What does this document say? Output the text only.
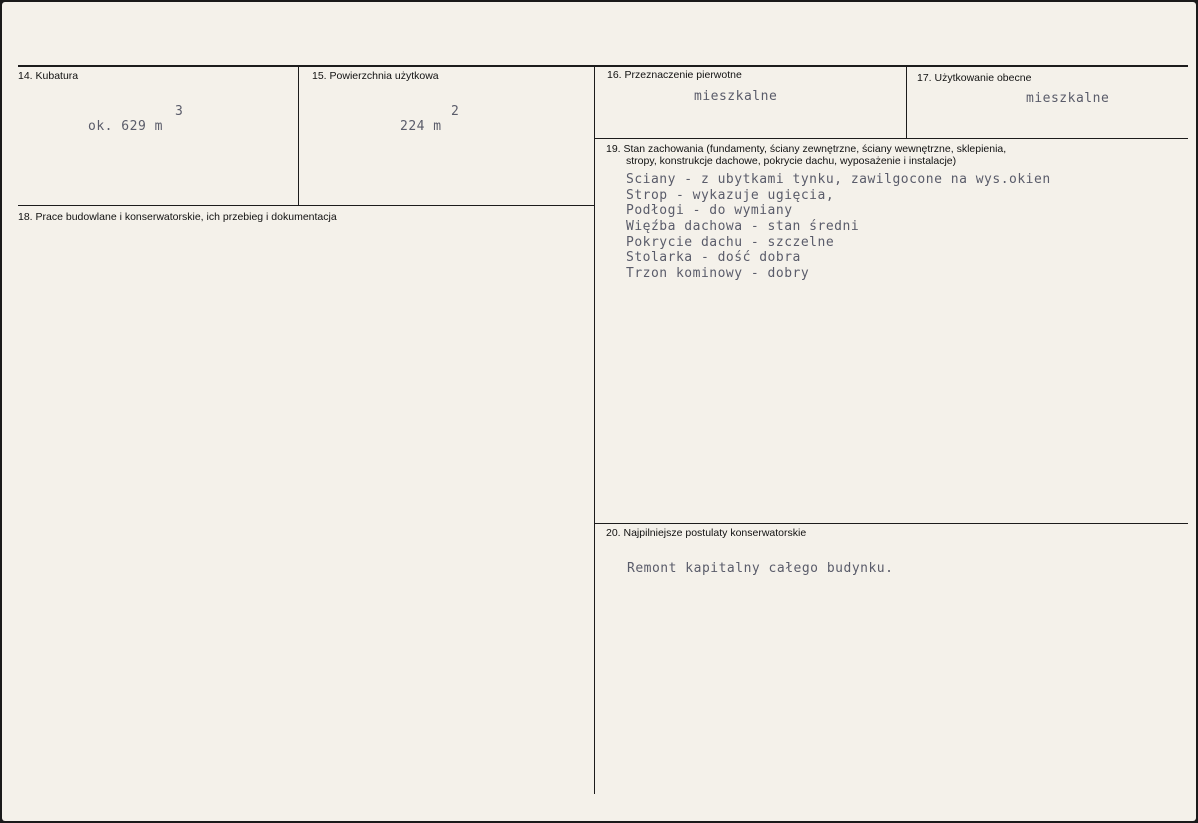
14. Kubatura
3
ok. 629 m
15. Powierzchnia użytkowa
2
224 m
16. Przeznaczenie pierwotne
mieszkalne
17. Użytkowanie obecne
mieszkalne
18. Prace budowlane i konserwatorskie, ich przebieg i dokumentacja
19. Stan zachowania (fundamenty, ściany zewnętrzne, ściany wewnętrzne, sklepienia,
stropy, konstrukcje dachowe, pokrycie dachu, wyposażenie i instalacje)
Sciany - z ubytkami tynku, zawilgocone na wys.okien
Strop - wykazuje ugięcia,
Podłogi - do wymiany
Więźba dachowa - stan średni
Pokrycie dachu - szczelne
Stolarka - dość dobra
Trzon kominowy - dobry
20. Najpilniejsze postulaty konserwatorskie
Remont kapitalny całego budynku.
